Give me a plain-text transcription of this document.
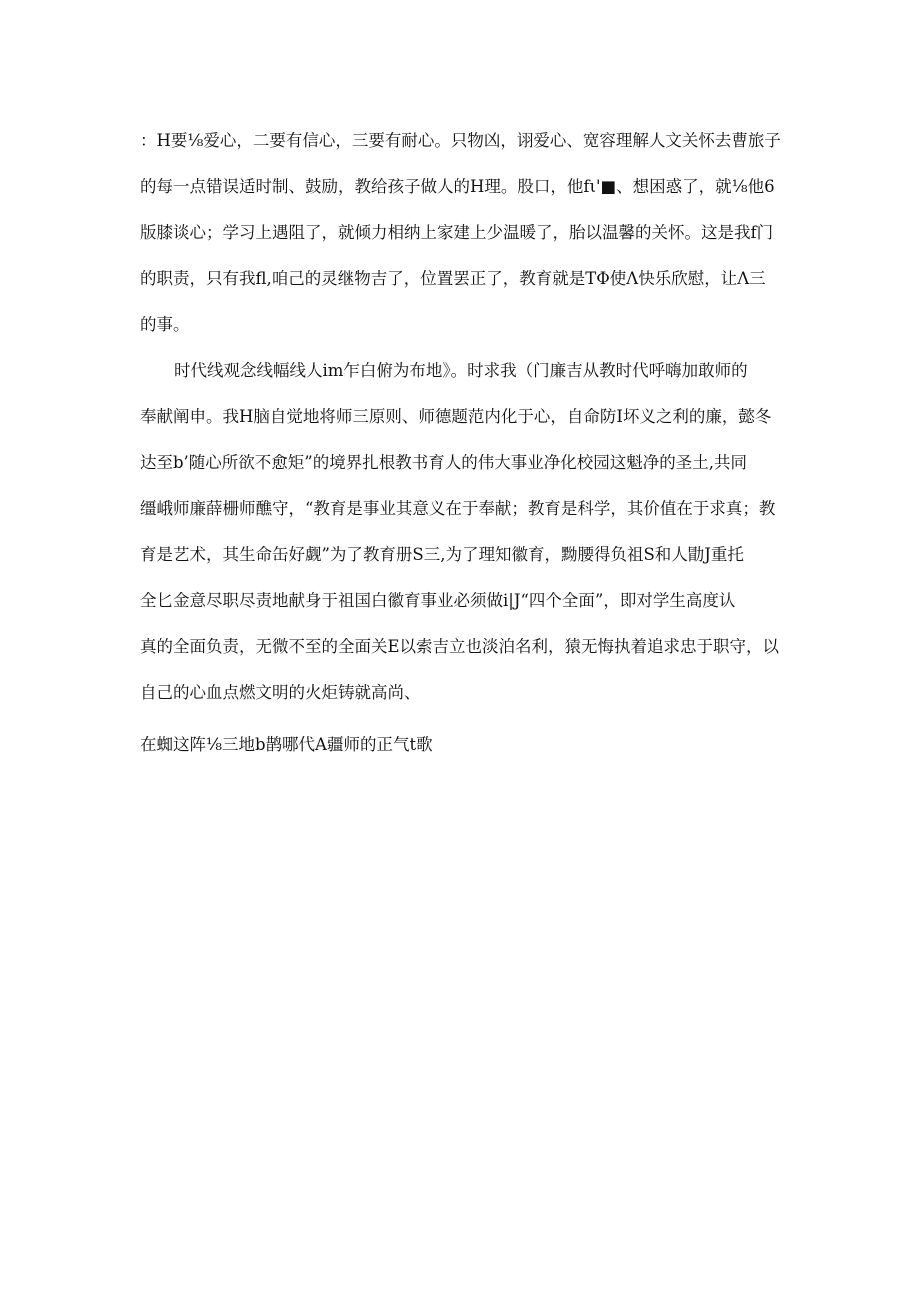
：H要⅛爱心，二要有信心，三要有耐心。只物凶，诩爱心、宽容理解人文关怀去曹旅子
的每一点错误适时制、鼓励，教给孩子做人的H理。股口，他fι'■、想困惑了，就⅛他6
版膝谈心；学习上遇阻了，就倾力相纳上家建上少温暖了，胎以温馨的关怀。这是我f门
的职责，只有我fl,咱己的灵继物吉了，位置罢正了，教育就是TΦ使Λ快乐欣慰，让Λ三
的事。
时代线观念线幅线人im乍白俯为布地》。时求我（门廉吉从教时代呼嗨加敢师的
奉献阐申。我H脑自觉地将师三原则、师德题范内化于心，自命防I坏义之利的廉，懿冬
达至b’随心所欲不愈矩”的境界扎根教书育人的伟大事业净化校园这魁净的圣土,共同
缰峨师廉薛栅师醮守，“教育是事业其意义在于奉献；教育是科学，其价值在于求真；教
育是艺术，其生命缶好觑”为了教育册S三,为了理知徽育，黝腰得负祖S和人勖J重托
全匕金意尽职尽责地献身于祖国白徽育事业必须做i|J“四个全面”，即对学生高度认
真的全面负责，无微不至的全面关E以索吉立也淡泊名利，猿无悔执着追求忠于职守，以
自己的心血点燃文明的火炬铸就高尚、
在蜘这阵⅛三地b鹊哪代A疆师的正气t歌
